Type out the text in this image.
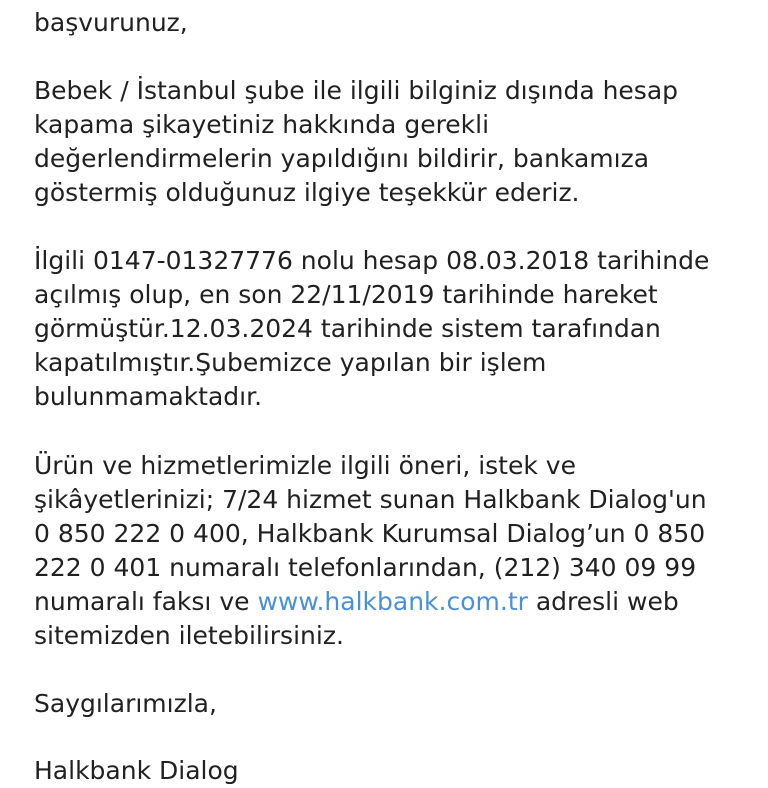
başvurunuz,
Bebek / İstanbul şube ile ilgili bilginiz dışında hesap
kapama şikayetiniz hakkında gerekli
değerlendirmelerin yapıldığını bildirir, bankamıza
göstermiş olduğunuz ilgiye teşekkür ederiz.
İlgili 0147-01327776 nolu hesap 08.03.2018 tarihinde
açılmış olup, en son 22/11/2019 tarihinde hareket
görmüştür.12.03.2024 tarihinde sistem tarafından
kapatılmıştır.Şubemizce yapılan bir işlem
bulunmamaktadır.
Ürün ve hizmetlerimizle ilgili öneri, istek ve
şikâyetlerinizi; 7/24 hizmet sunan Halkbank Dialog'un
0 850 222 0 400, Halkbank Kurumsal Dialog’un 0 850
222 0 401 numaralı telefonlarından, (212) 340 09 99
numaralı faksı ve www.halkbank.com.tr adresli web
sitemizden iletebilirsiniz.
Saygılarımızla,
Halkbank Dialog
